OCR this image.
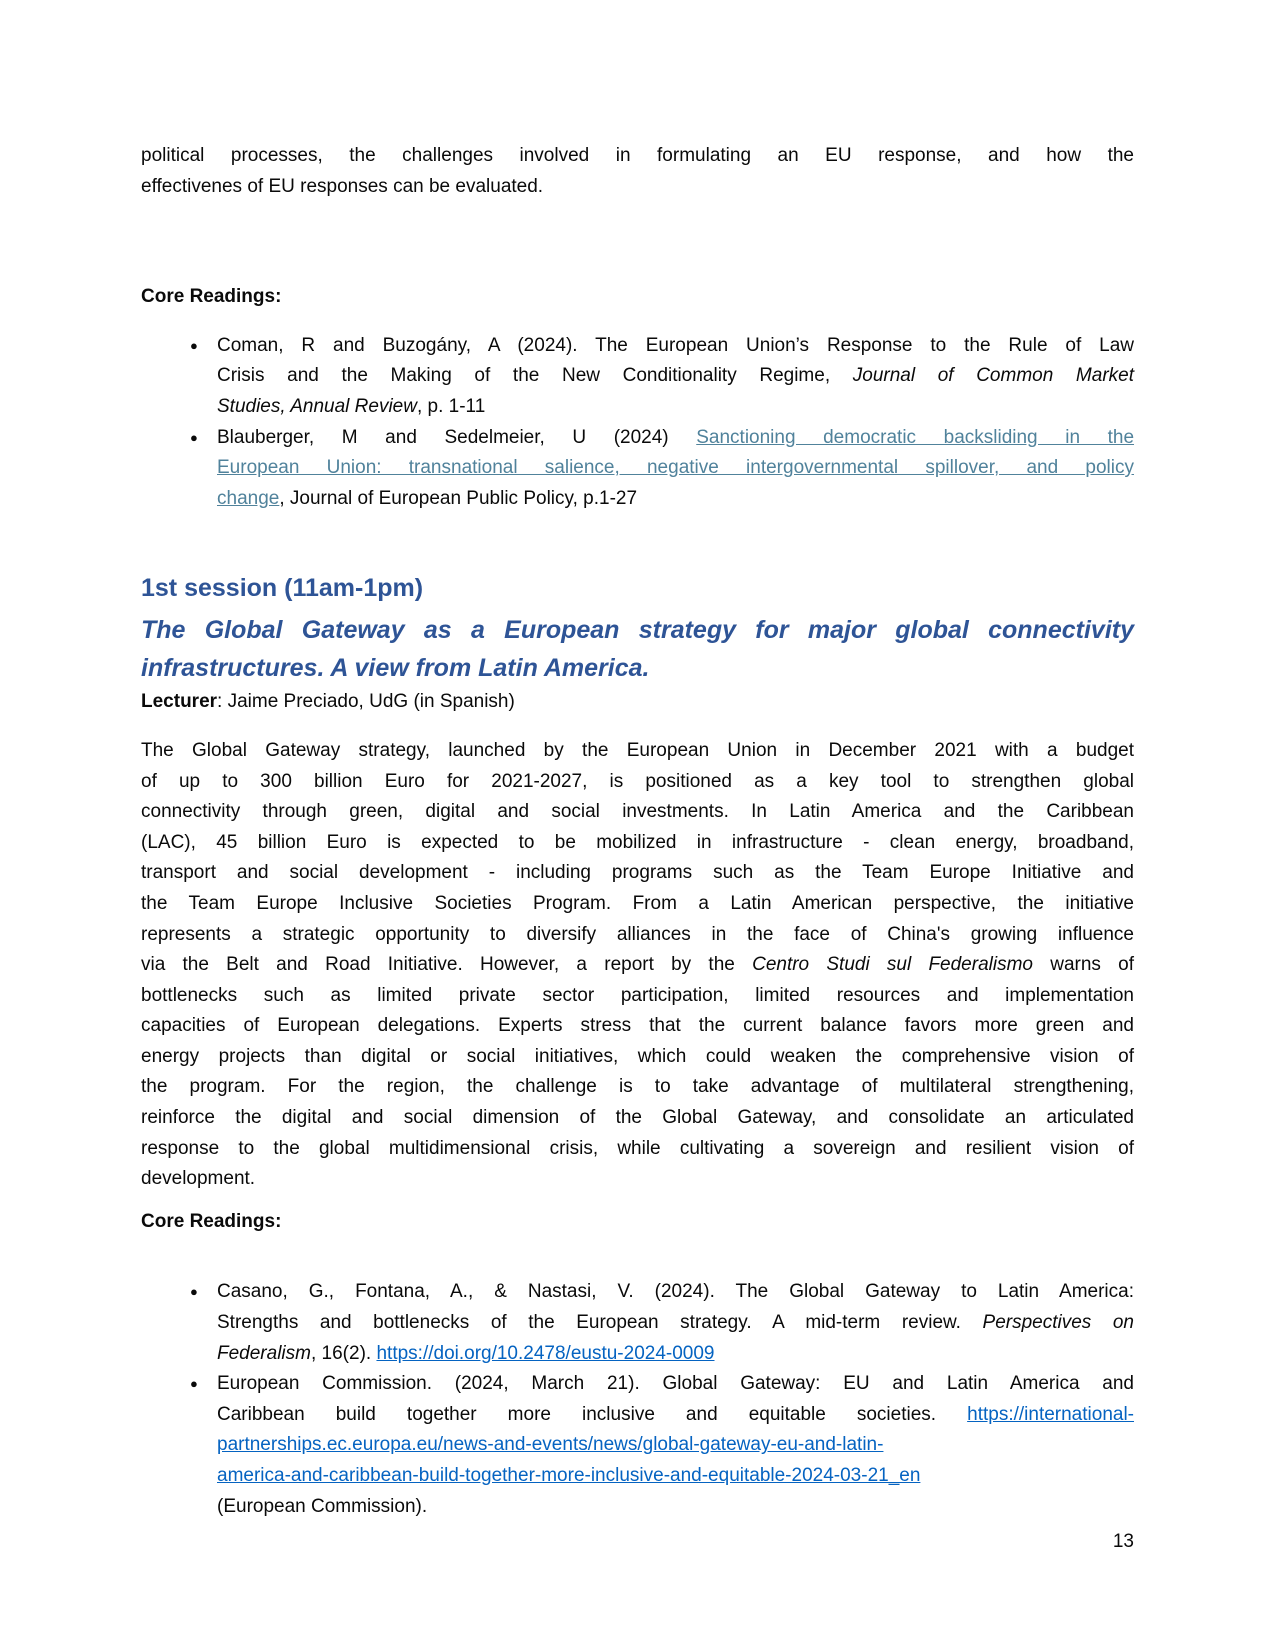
political processes, the challenges involved in formulating an EU response, and how the
effectivenes of EU responses can be evaluated.
Core Readings:
●	Coman, R and Buzogány, A (2024). The European Union’s Response to the Rule of Law
Crisis and the Making of the New Conditionality Regime, Journal of Common Market
Studies, Annual Review, p. 1-11
●	Blauberger, M and Sedelmeier, U (2024) Sanctioning democratic backsliding in the
European Union: transnational salience, negative intergovernmental spillover, and policy
change, Journal of European Public Policy, p.1-27
1st session (11am-1pm)
The Global Gateway as a European strategy for major global connectivity
infrastructures. A view from Latin America.
Lecturer: Jaime Preciado, UdG (in Spanish)
The Global Gateway strategy, launched by the European Union in December 2021 with a budget
of up to 300 billion Euro for 2021-2027, is positioned as a key tool to strengthen global
connectivity through green, digital and social investments. In Latin America and the Caribbean
(LAC), 45 billion Euro is expected to be mobilized in infrastructure - clean energy, broadband,
transport and social development - including programs such as the Team Europe Initiative and
the Team Europe Inclusive Societies Program. From a Latin American perspective, the initiative
represents a strategic opportunity to diversify alliances in the face of China's growing influence
via the Belt and Road Initiative. However, a report by the Centro Studi sul Federalismo warns of
bottlenecks such as limited private sector participation, limited resources and implementation
capacities of European delegations. Experts stress that the current balance favors more green and
energy projects than digital or social initiatives, which could weaken the comprehensive vision of
the program. For the region, the challenge is to take advantage of multilateral strengthening,
reinforce the digital and social dimension of the Global Gateway, and consolidate an articulated
response to the global multidimensional crisis, while cultivating a sovereign and resilient vision of
development.
Core Readings:
●	Casano, G., Fontana, A., & Nastasi, V. (2024). The Global Gateway to Latin America:
Strengths and bottlenecks of the European strategy. A mid-term review. Perspectives on
Federalism, 16(2). https://doi.org/10.2478/eustu-2024-0009
●	European Commission. (2024, March 21). Global Gateway: EU and Latin America and
Caribbean build together more inclusive and equitable societies. https://international-
partnerships.ec.europa.eu/news-and-events/news/global-gateway-eu-and-latin-
america-and-caribbean-build-together-more-inclusive-and-equitable-2024-03-21_en
(European Commission).
13
